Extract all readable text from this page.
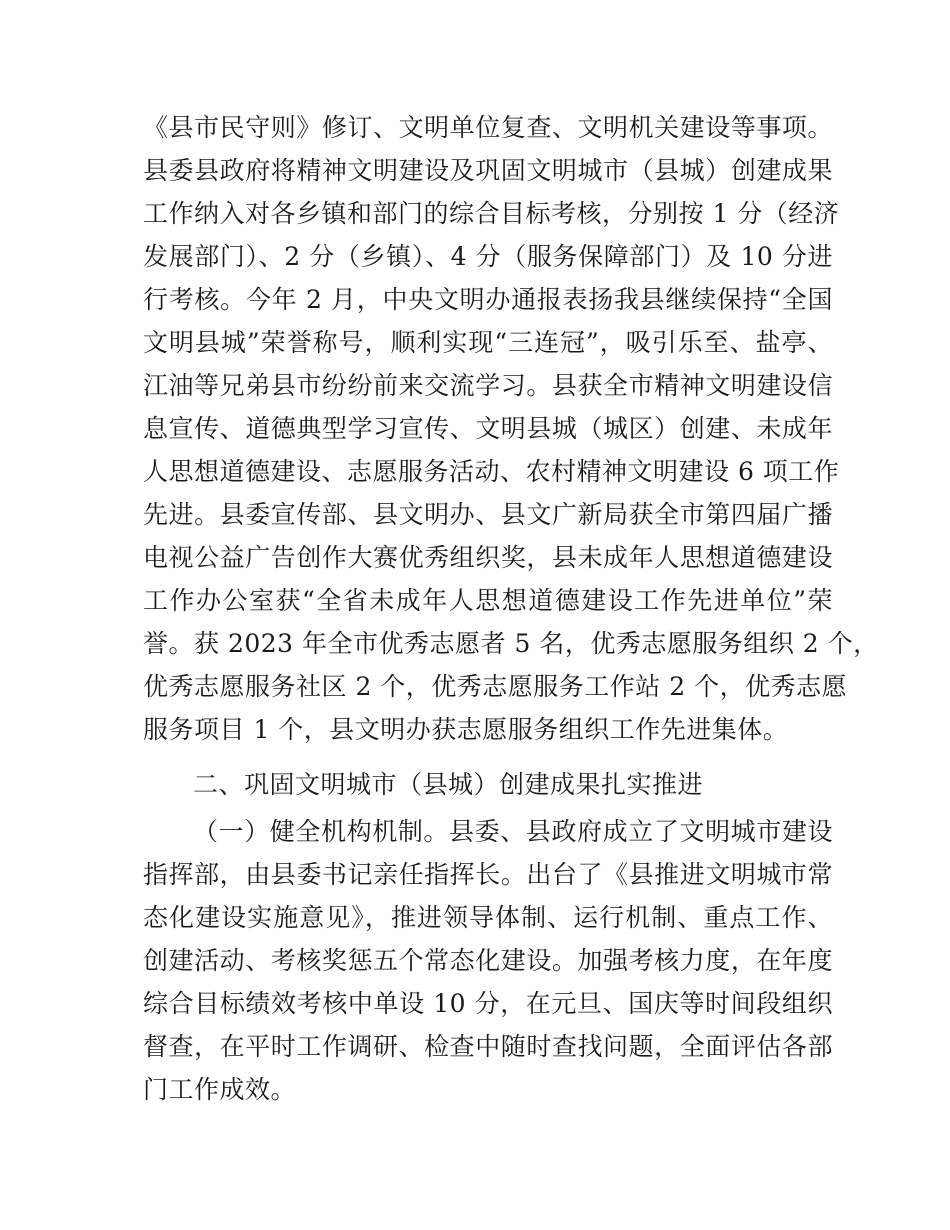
《县市民守则》修订、文明单位复查、文明机关建设等事项。
县委县政府将精神文明建设及巩固文明城市（县城）创建成果
工作纳入对各乡镇和部门的综合目标考核，分别按 1 分（经济
发展部门）、2 分（乡镇）、4 分（服务保障部门）及 10 分进
行考核。今年 2 月，中央文明办通报表扬我县继续保持“全国
文明县城”荣誉称号，顺利实现“三连冠”，吸引乐至、盐亭、
江油等兄弟县市纷纷前来交流学习。县获全市精神文明建设信
息宣传、道德典型学习宣传、文明县城（城区）创建、未成年
人思想道德建设、志愿服务活动、农村精神文明建设 6 项工作
先进。县委宣传部、县文明办、县文广新局获全市第四届广播
电视公益广告创作大赛优秀组织奖，县未成年人思想道德建设
工作办公室获“全省未成年人思想道德建设工作先进单位”荣
誉。获 2023 年全市优秀志愿者 5 名，优秀志愿服务组织 2 个，
优秀志愿服务社区 2 个，优秀志愿服务工作站 2 个，优秀志愿
服务项目 1 个，县文明办获志愿服务组织工作先进集体。
二、巩固文明城市（县城）创建成果扎实推进
（一）健全机构机制。县委、县政府成立了文明城市建设
指挥部，由县委书记亲任指挥长。出台了《县推进文明城市常
态化建设实施意见》，推进领导体制、运行机制、重点工作、
创建活动、考核奖惩五个常态化建设。加强考核力度，在年度
综合目标绩效考核中单设 10 分，在元旦、国庆等时间段组织
督查，在平时工作调研、检查中随时查找问题，全面评估各部
门工作成效。
